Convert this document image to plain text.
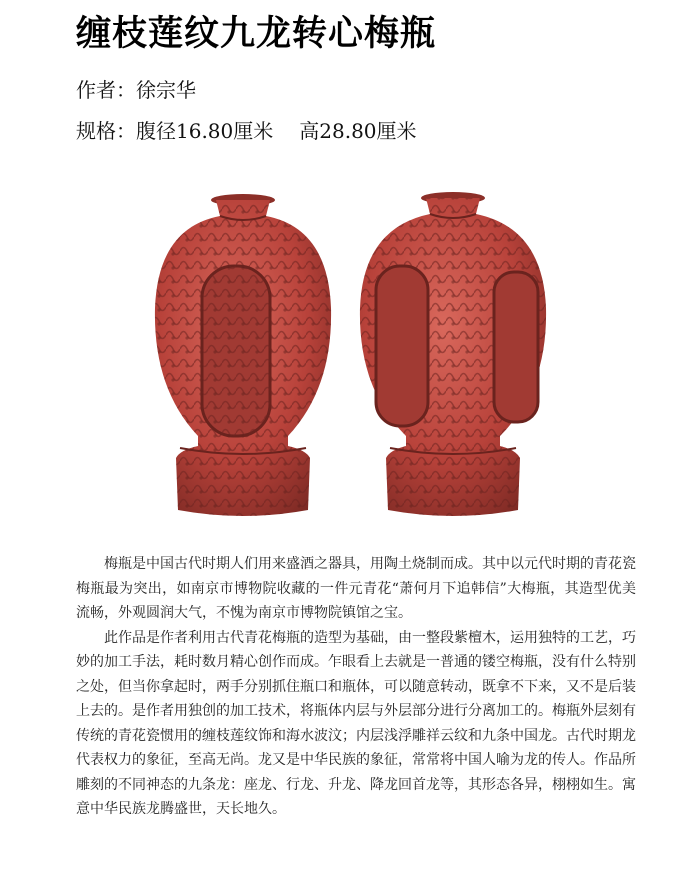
缠枝莲纹九龙转心梅瓶
作者：徐宗华
规格：腹径16.80厘米 高28.80厘米

梅瓶是中国古代时期人们用来盛酒之器具，用陶土烧制而成。其中以元代时期的青花瓷梅瓶最为突出，如南京市博物院收藏的一件元青花“萧何月下追韩信”大梅瓶，其造型优美流畅，外观圆润大气，不愧为南京市博物院镇馆之宝。

此作品是作者利用古代青花梅瓶的造型为基础，由一整段紫檀木，运用独特的工艺，巧妙的加工手法，耗时数月精心创作而成。乍眼看上去就是一普通的镂空梅瓶，没有什么特别之处，但当你拿起时，两手分别抓住瓶口和瓶体，可以随意转动，既拿不下来，又不是后装上去的。是作者用独创的加工技术，将瓶体内层与外层部分进行分离加工的。梅瓶外层刻有传统的青花瓷惯用的缠枝莲纹饰和海水波汶；内层浅浮雕祥云纹和九条中国龙。古代时期龙代表权力的象征，至高无尚。龙又是中华民族的象征，常常将中国人喻为龙的传人。作品所雕刻的不同神态的九条龙：座龙、行龙、升龙、降龙回首龙等，其形态各异，栩栩如生。寓意中华民族龙腾盛世，天长地久。
